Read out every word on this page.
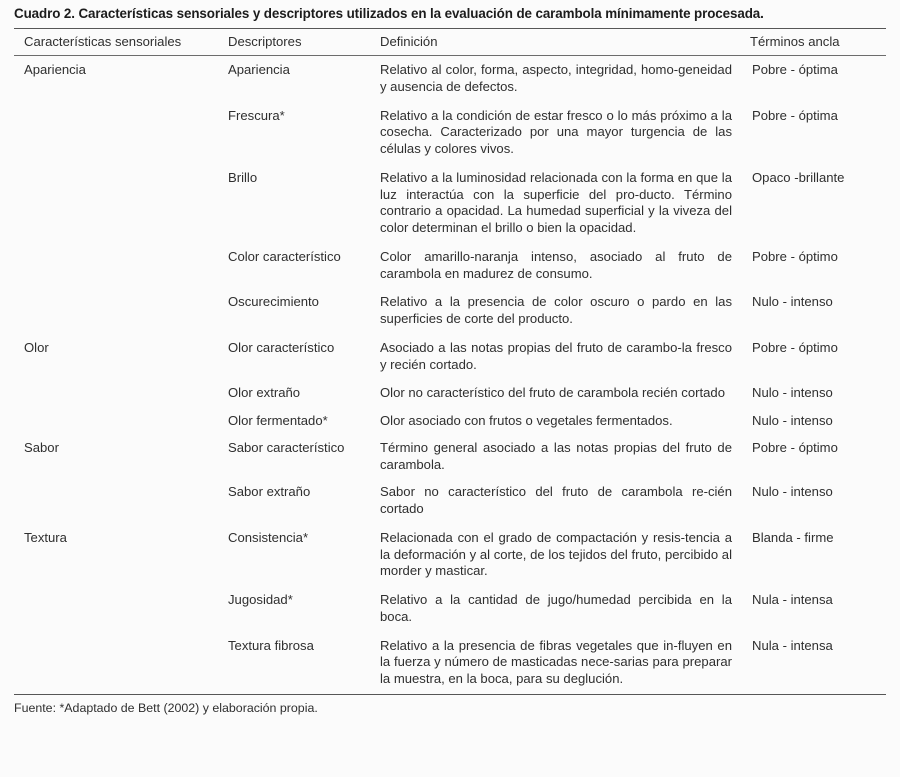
Cuadro 2. Características sensoriales y descriptores utilizados en la evaluación de carambola mínimamente procesada.
Características sensoriales	Descriptores	Definición	Términos ancla
Apariencia	Apariencia	Relativo al color, forma, aspecto, integridad, homo-geneidad y ausencia de defectos.	Pobre - óptima
	Frescura*	Relativo a la condición de estar fresco o lo más próximo a la cosecha. Caracterizado por una mayor turgencia de las células y colores vivos.	Pobre - óptima
	Brillo	Relativo a la luminosidad relacionada con la forma en que la luz interactúa con la superficie del pro-ducto. Término contrario a opacidad. La humedad superficial y la viveza del color determinan el brillo o bien la opacidad.	Opaco -brillante
	Color característico	Color amarillo-naranja intenso, asociado al fruto de carambola en madurez de consumo.	Pobre - óptimo
	Oscurecimiento	Relativo a la presencia de color oscuro o pardo en las superficies de corte del producto.	Nulo - intenso
Olor	Olor característico	Asociado a las notas propias del fruto de carambo-la fresco y recién cortado.	Pobre - óptimo
	Olor extraño	Olor no característico del fruto de carambola recién cortado	Nulo - intenso
	Olor fermentado*	Olor asociado con frutos o vegetales fermentados.	Nulo - intenso
Sabor	Sabor característico	Término general asociado a las notas propias del fruto de carambola.	Pobre - óptimo
	Sabor extraño	Sabor no característico del fruto de carambola re-cién cortado	Nulo - intenso
Textura	Consistencia*	Relacionada con el grado de compactación y resis-tencia a la deformación y al corte, de los tejidos del fruto, percibido al morder y masticar.	Blanda - firme
	Jugosidad*	Relativo a la cantidad de jugo/humedad percibida en la boca.	Nula - intensa
	Textura fibrosa	Relativo a la presencia de fibras vegetales que in-fluyen en la fuerza y número de masticadas nece-sarias para preparar la muestra, en la boca, para su deglución.	Nula - intensa
Fuente: *Adaptado de Bett (2002) y elaboración propia.
